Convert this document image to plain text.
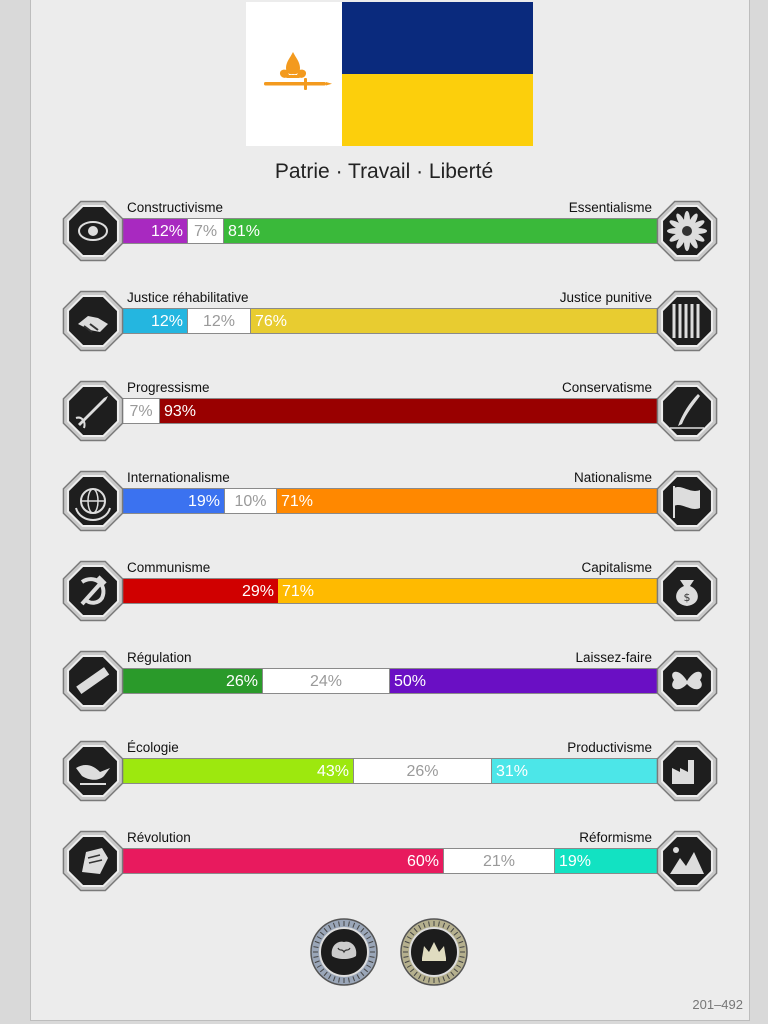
Patrie · Travail · Liberté
Constructivisme	Essentialisme
12% 7% 81%
Justice réhabilitative	Justice punitive
12%	12%	76%
Progressisme	Conservatisme
7% 93%
Internationalisme	Nationalisme
19% 10% 71%
Communisme	Capitalisme
29% 71%	$
Régulation	Laissez-faire
26%	24%	50%
Écologie	Productivisme
43%	26%	31%
Révolution	Réformisme
60%	21%	19%
201–492
